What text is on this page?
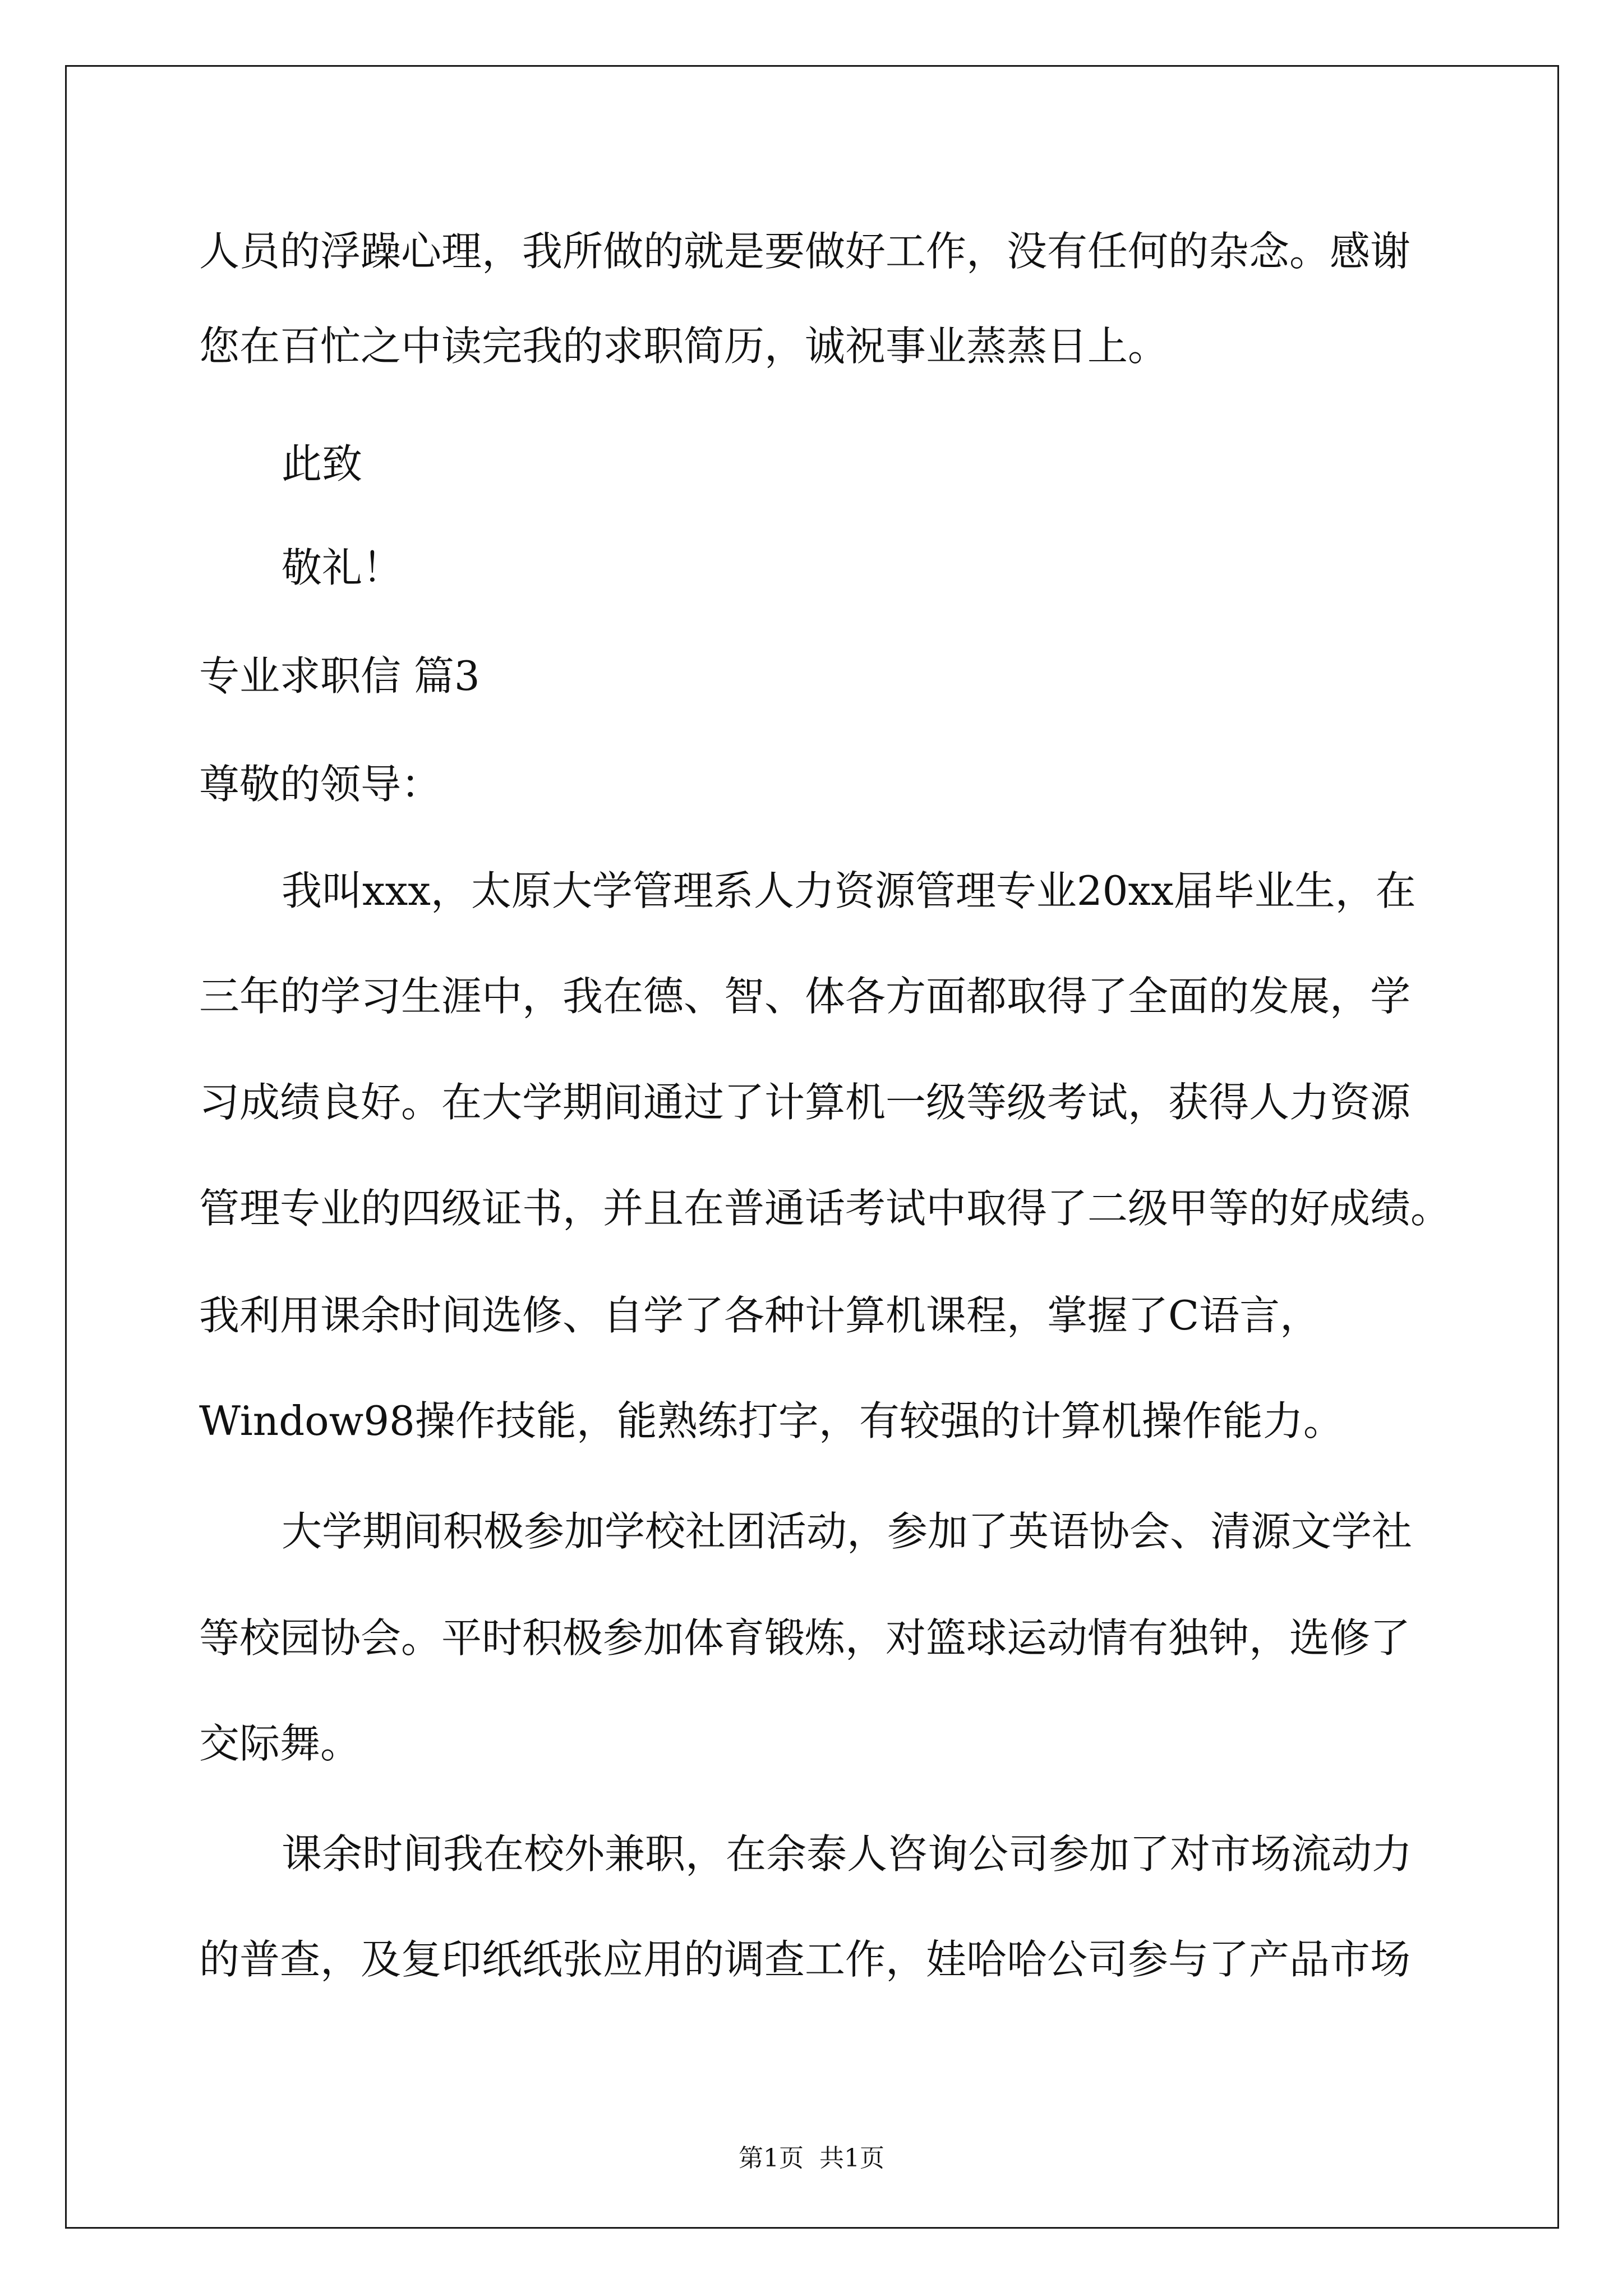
人员的浮躁心理，我所做的就是要做好工作，没有任何的杂念。感谢

您在百忙之中读完我的求职简历，诚祝事业蒸蒸日上。

此致

敬礼！

专业求职信 篇3

尊敬的领导：

我叫xxx，太原大学管理系人力资源管理专业20xx届毕业生，在

三年的学习生涯中，我在德、智、体各方面都取得了全面的发展，学

习成绩良好。在大学期间通过了计算机一级等级考试，获得人力资源

管理专业的四级证书，并且在普通话考试中取得了二级甲等的好成绩。

我利用课余时间选修、自学了各种计算机课程，掌握了C语言，

Window98操作技能，能熟练打字，有较强的计算机操作能力。

大学期间积极参加学校社团活动，参加了英语协会、清源文学社

等校园协会。平时积极参加体育锻炼，对篮球运动情有独钟，选修了

交际舞。

课余时间我在校外兼职，在余泰人咨询公司参加了对市场流动力

的普查，及复印纸纸张应用的调查工作，娃哈哈公司参与了产品市场

第1页  共1页
